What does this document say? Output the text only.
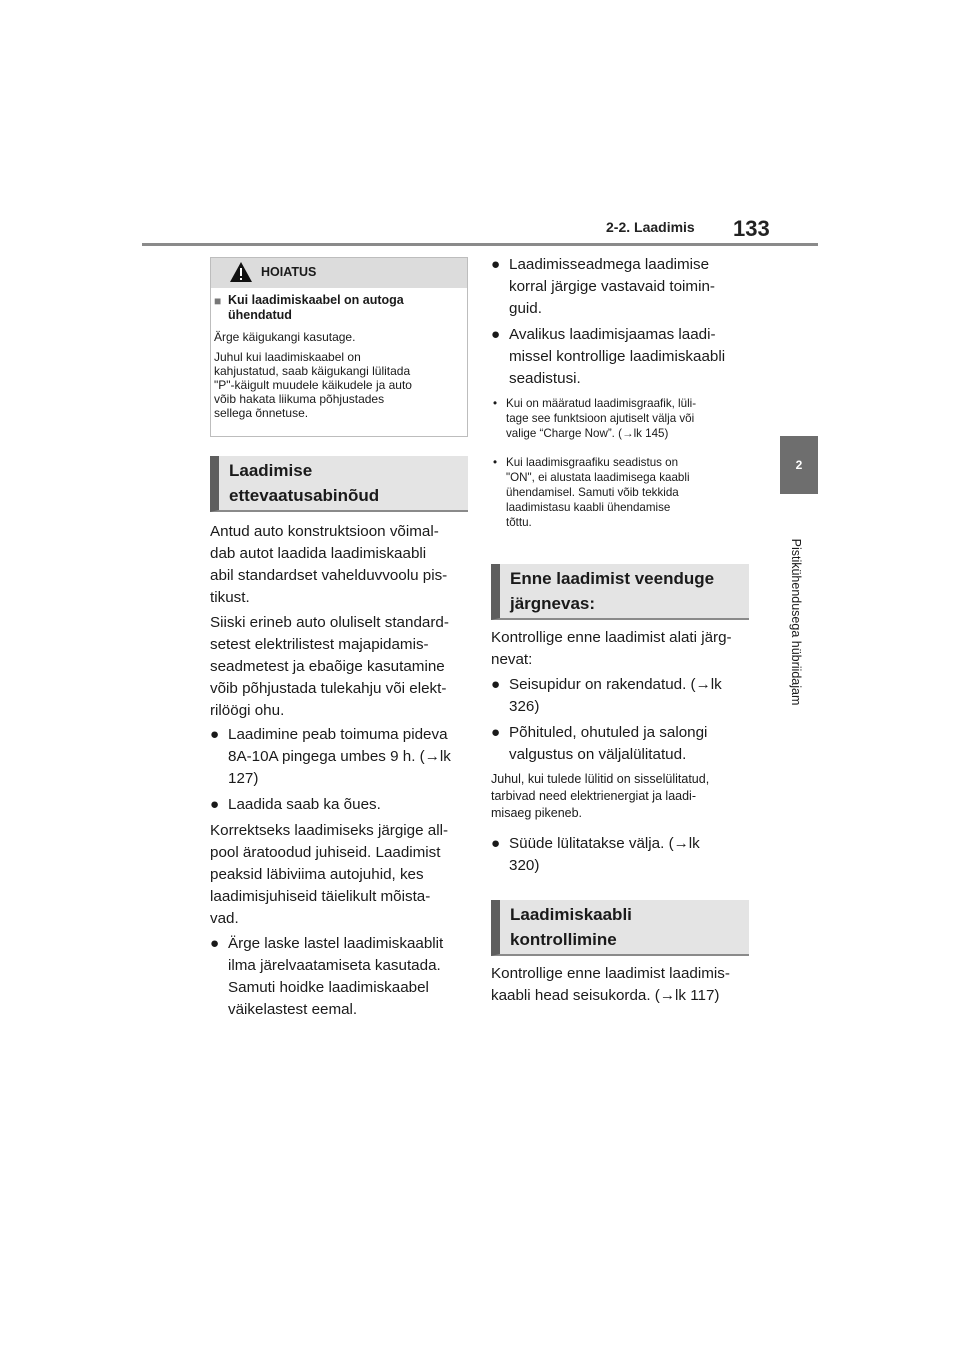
2-2. Laadimis 133
2
Pistikühendusega hübriidajam
HOIATUS
■ Kui laadimiskaabel on autoga
ühendatud
Ärge käigukangi kasutage.
Juhul kui laadimiskaabel on
kahjustatud, saab käigukangi lülitada
"P"-käigult muudele käikudele ja auto
võib hakata liikuma põhjustades
sellega õnnetuse.
Laadimise
ettevaatusabinõud
Antud auto konstruktsioon võimal-
dab autot laadida laadimiskaabli
abil standardset vahelduvvoolu pis-
tikust.
Siiski erineb auto oluliselt standard-
setest elektrilistest majapidamis-
seadmetest ja ebaõige kasutamine
võib põhjustada tulekahju või elekt-
rilöögi ohu.
● Laadimine peab toimuma pideva
8A-10A pingega umbes 9 h. (→lk
127)
● Laadida saab ka õues.
Korrektseks laadimiseks järgige all-
pool äratoodud juhiseid. Laadimist
peaksid läbiviima autojuhid, kes
laadimisjuhiseid täielikult mõista-
vad.
● Ärge laske lastel laadimiskaablit
ilma järelvaatamiseta kasutada.
Samuti hoidke laadimiskaabel
väikelastest eemal.
● Laadimisseadmega laadimise
korral järgige vastavaid toimin-
guid.
● Avalikus laadimisjaamas laadi-
missel kontrollige laadimiskaabli
seadistusi.
• Kui on määratud laadimisgraafik, lüli-
tage see funktsioon ajutiselt välja või
valige “Charge Now”. (→lk 145)
• Kui laadimisgraafiku seadistus on
"ON", ei alustata laadimisega kaabli
ühendamisel. Samuti võib tekkida
laadimistasu kaabli ühendamise
tõttu.
Enne laadimist veenduge
järgnevas:
Kontrollige enne laadimist alati järg-
nevat:
● Seisupidur on rakendatud. (→lk
326)
● Põhituled, ohutuled ja salongi
valgustus on väljalülitatud.
Juhul, kui tulede lülitid on sisselülitatud,
tarbivad need elektrienergiat ja laadi-
misaeg pikeneb.
● Süüde lülitatakse välja. (→lk
320)
Laadimiskaabli
kontrollimine
Kontrollige enne laadimist laadimis-
kaabli head seisukorda. (→lk 117)
